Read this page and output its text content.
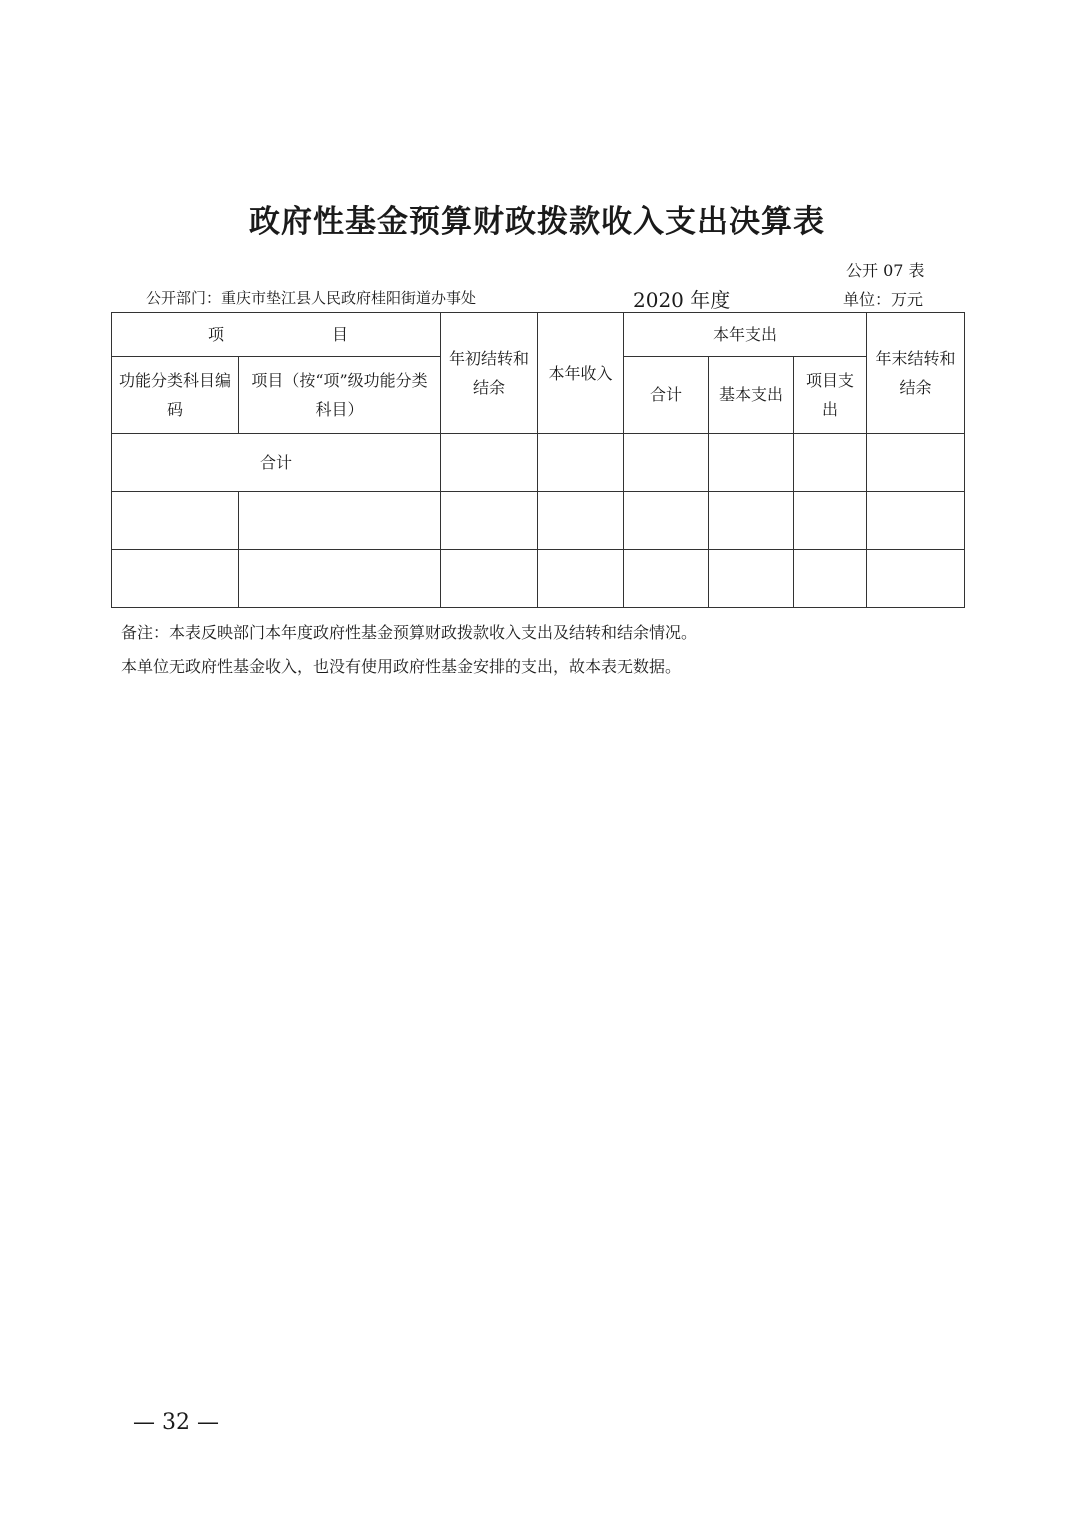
政府性基金预算财政拨款收入支出决算表
公开 07 表
公开部门：重庆市垫江县人民政府桂阳街道办事处	2020 年度	单位：万元
项 目		年初结转和结余	本年收入	本年支出			年末结转和结余
功能分类科目编码	项目（按“项”级功能分类科目）			合计	基本支出	项目支出	
合计							

备注：本表反映部门本年度政府性基金预算财政拨款收入支出及结转和结余情况。
本单位无政府性基金收入，也没有使用政府性基金安排的支出，故本表无数据。
— 32 —
